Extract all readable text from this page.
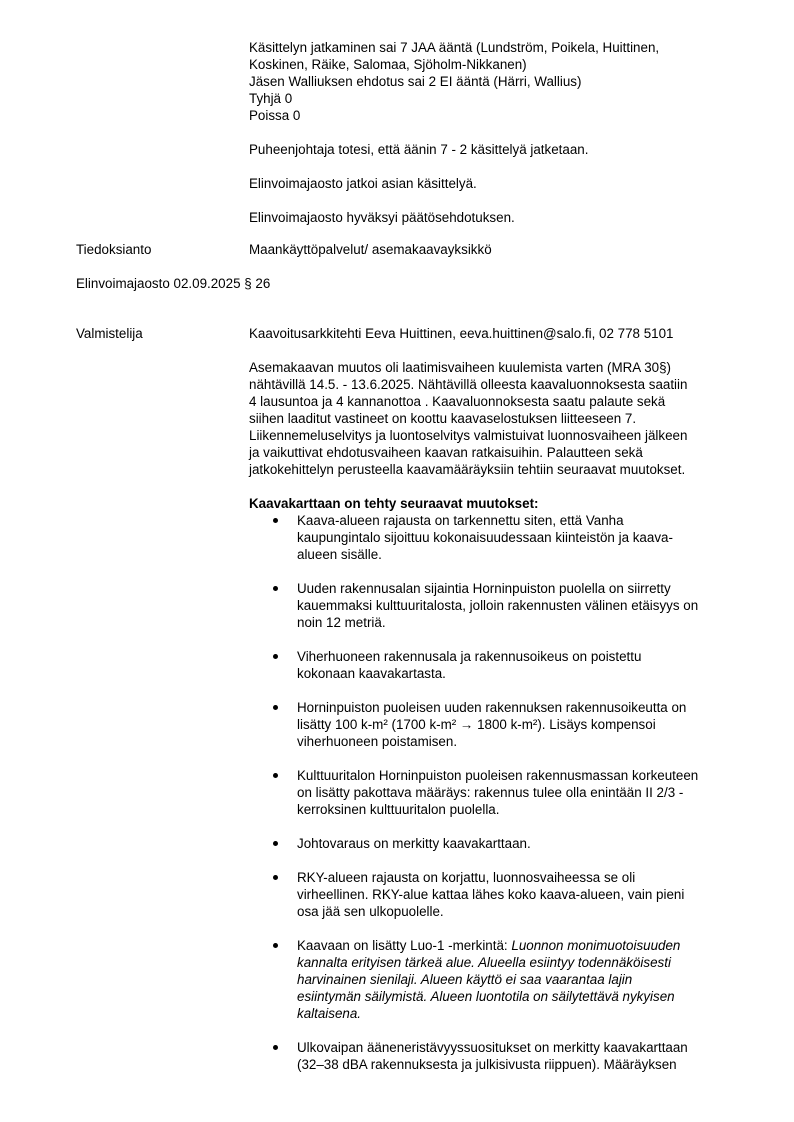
Käsittelyn jatkaminen sai 7 JAA ääntä (Lundström, Poikela, Huittinen,

Koskinen, Räike, Salomaa, Sjöholm-Nikkanen)

Jäsen Walliuksen ehdotus sai 2 EI ääntä (Härri, Wallius)

Tyhjä 0

Poissa 0

Puheenjohtaja totesi, että äänin 7 - 2 käsittelyä jatketaan.

Elinvoimajaosto jatkoi asian käsittelyä.

Elinvoimajaosto hyväksyi päätösehdotuksen.

Tiedoksianto	Maankäyttöpalvelut/ asemakaavayksikkö

Elinvoimajaosto 02.09.2025 § 26

Valmistelija	Kaavoitusarkkitehti Eeva Huittinen, eeva.huittinen@salo.fi, 02 778 5101

Asemakaavan muutos oli laatimisvaiheen kuulemista varten (MRA 30§)

nähtävillä 14.5. - 13.6.2025. Nähtävillä olleesta kaavaluonnoksesta saatiin

4 lausuntoa ja 4 kannanottoa . Kaavaluonnoksesta saatu palaute sekä

siihen laaditut vastineet on koottu kaavaselostuksen liitteeseen 7.

Liikennemeluselvitys ja luontoselvitys valmistuivat luonnosvaiheen jälkeen

ja vaikuttivat ehdotusvaiheen kaavan ratkaisuihin. Palautteen sekä

jatkokehittelyn perusteella kaavamääräyksiin tehtiin seuraavat muutokset.

Kaavakarttaan on tehty seuraavat muutokset:

Kaava-alueen rajausta on tarkennettu siten, että Vanha

kaupungintalo sijoittuu kokonaisuudessaan kiinteistön ja kaava-

alueen sisälle.

Uuden rakennusalan sijaintia Horninpuiston puolella on siirretty

kauemmaksi kulttuuritalosta, jolloin rakennusten välinen etäisyys on

noin 12 metriä.

Viherhuoneen rakennusala ja rakennusoikeus on poistettu

kokonaan kaavakartasta.

Horninpuiston puoleisen uuden rakennuksen rakennusoikeutta on

lisätty 100 k-m² (1700 k-m² → 1800 k-m²). Lisäys kompensoi

viherhuoneen poistamisen.

Kulttuuritalon Horninpuiston puoleisen rakennusmassan korkeuteen

on lisätty pakottava määräys: rakennus tulee olla enintään II 2/3 -

kerroksinen kulttuuritalon puolella.

Johtovaraus on merkitty kaavakarttaan.

RKY-alueen rajausta on korjattu, luonnosvaiheessa se oli

virheellinen. RKY-alue kattaa lähes koko kaava-alueen, vain pieni

osa jää sen ulkopuolelle.

Kaavaan on lisätty Luo-1 -merkintä: Luonnon monimuotoisuuden

kannalta erityisen tärkeä alue. Alueella esiintyy todennäköisesti

harvinainen sienilaji. Alueen käyttö ei saa vaarantaa lajin

esiintymän säilymistä. Alueen luontotila on säilytettävä nykyisen

kaltaisena.

Ulkovaipan ääneneristävyyssuositukset on merkitty kaavakarttaan

(32–38 dBA rakennuksesta ja julkisivusta riippuen). Määräyksen
